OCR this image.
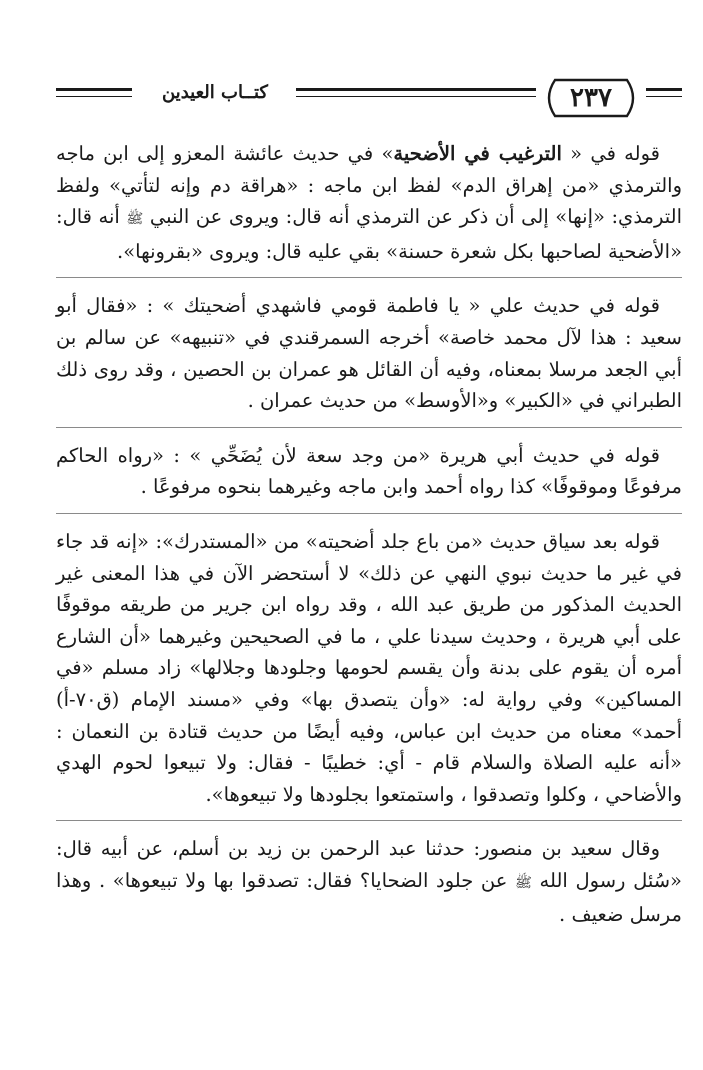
كتــاب العيدين	٢٣٧

قوله في « الترغيب في الأضحية» في حديث عائشة المعزو إلى ابن ماجه والترمذي «من إهراق الدم» لفظ ابن ماجه : «هراقة دم وإنه لتأتي» ولفظ الترمذي: «إنها» إلى أن ذكر عن الترمذي أنه قال: ويروى عن النبي ﷺ أنه قال: «الأضحية لصاحبها بكل شعرة حسنة» بقي عليه قال: ويروى «بقرونها».

قوله في حديث علي « يا فاطمة قومي فاشهدي أضحيتك » : «فقال أبو سعيد : هذا لآل محمد خاصة» أخرجه السمرقندي في «تنبيهه» عن سالم بن أبي الجعد مرسلا بمعناه، وفيه أن القائل هو عمران بن الحصين ، وقد روى ذلك الطبراني في «الكبير» و«الأوسط» من حديث عمران .

قوله في حديث أبي هريرة «من وجد سعة لأن يُضَحِّي » : «رواه الحاكم مرفوعًا وموقوفًا» كذا رواه أحمد وابن ماجه وغيرهما بنحوه مرفوعًا .

قوله بعد سياق حديث «من باع جلد أضحيته» من «المستدرك»: «إنه قد جاء في غير ما حديث نبوي النهي عن ذلك» لا أستحضر الآن في هذا المعنى غير الحديث المذكور من طريق عبد الله ، وقد رواه ابن جرير من طريقه موقوفًا على أبي هريرة ، وحديث سيدنا علي ، ما في الصحيحين وغيرهما «أن الشارع أمره أن يقوم على بدنة وأن يقسم لحومها وجلودها وجلالها» زاد مسلم «في المساكين» وفي رواية له: «وأن يتصدق بها» وفي «مسند الإمام (ق٧٠-أ) أحمد» معناه من حديث ابن عباس، وفيه أيضًا من حديث قتادة بن النعمان : «أنه عليه الصلاة والسلام قام - أي: خطيبًا - فقال: ولا تبيعوا لحوم الهدي والأضاحي ، وكلوا وتصدقوا ، واستمتعوا بجلودها ولا تبيعوها».

وقال سعيد بن منصور: حدثنا عبد الرحمن بن زيد بن أسلم، عن أبيه قال: «سُئل رسول الله ﷺ عن جلود الضحايا؟ فقال: تصدقوا بها ولا تبيعوها» . وهذا مرسل ضعيف .
